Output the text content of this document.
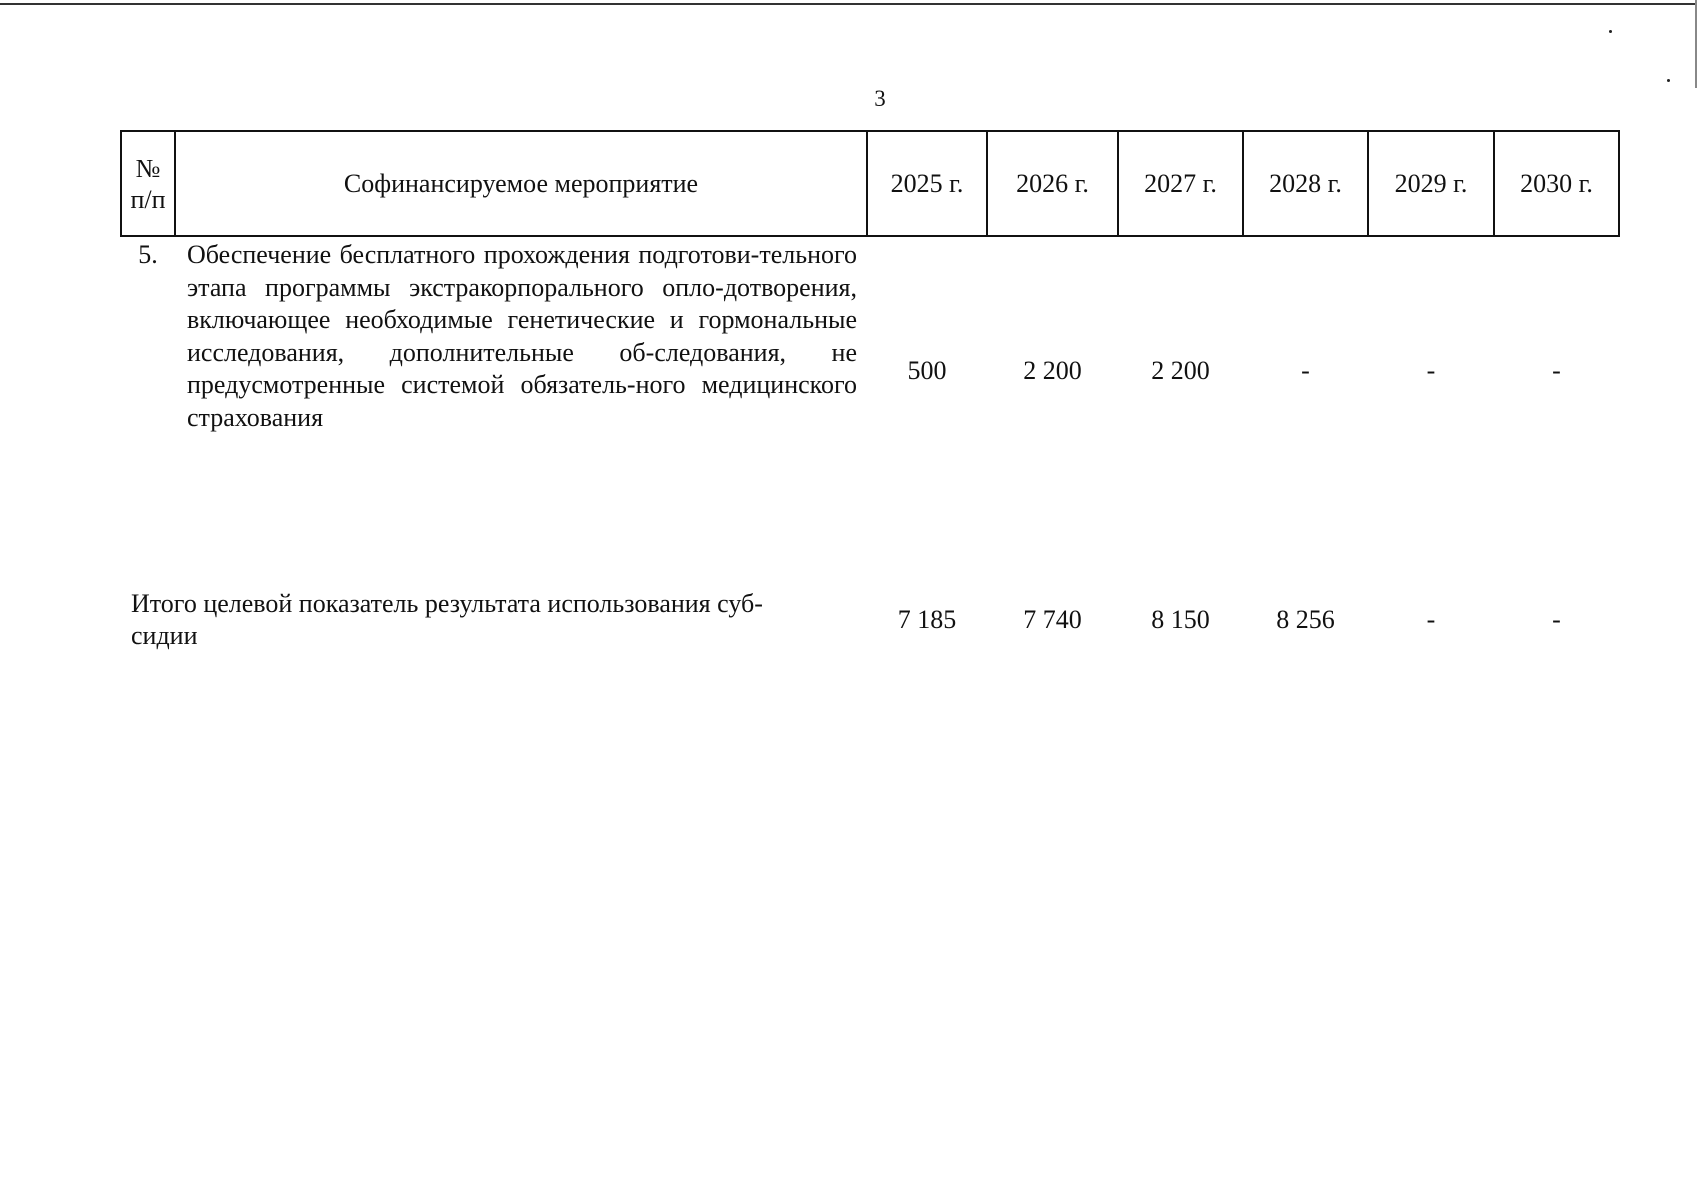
3
№ п/п	Софинансируемое мероприятие	2025 г.	2026 г.	2027 г.	2028 г.	2029 г.	2030 г.
5.	Обеспечение бесплатного прохождения подготови-тельного этапа программы экстракорпорального опло-дотворения, включающее необходимые генетические и гормональные исследования, дополнительные об-следования, не предусмотренные системой обязатель-ного медицинского страхования	500	2 200	2 200	-	-	-
Итого целевой показатель результата использования суб-сидии		7 185	7 740	8 150	8 256	-	-
